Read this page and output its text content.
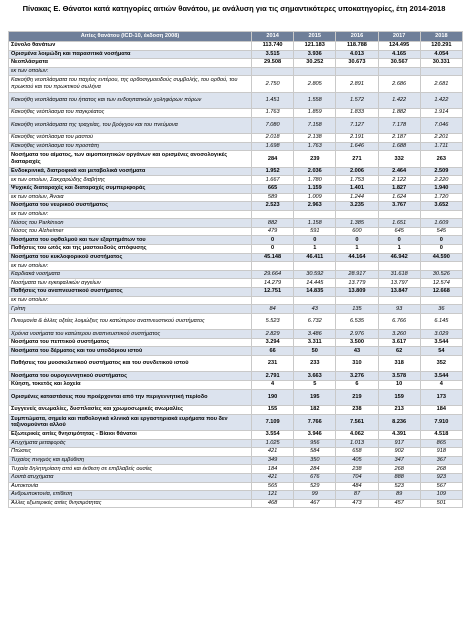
Πίνακας Ε. Θάνατοι κατά κατηγορίες αιτιών θανάτου, με ανάλυση για τις σημαντικότερες υποκατηγορίες, έτη 2014-2018
Αιτίες θανάτου (ICD-10, έκδοση 2008)	2014	2015	2016	2017	2018
Σύνολο θανάτων	113.740	121.183	118.788	124.495	120.291
Ορισμένα λοιμώδη και παρασιτικά νοσήματα	3.515	3.936	4.013	4.165	4.054
Νεοπλάσματα	29.508	30.252	30.673	30.567	30.331
εκ των οποίων:					
Κακοήθη νεοπλάσματα του παχέος εντέρου, της ορθοσιγμοειδούς συμβολής, του ορθού, του πρωκτού και του πρωκτικού σωλήνα	2.750	2.805	2.891	2.686	2.681
Κακοήθη νεοπλάσματα του ήπατος και των ενδοηπατικών χοληφόρων πόρων	1.451	1.558	1.572	1.422	1.422
Κακοήθες νεόπλασμα του παγκρέατος	1.763	1.859	1.833	1.882	1.914
Κακοήθη νεοπλάσματα της τραχείας, του βρόγχου και του πνεύμονα	7.080	7.158	7.127	7.178	7.046
Κακοήθες νεόπλασμα του μαστού	2.018	2.138	2.191	2.187	2.201
Κακοήθες νεόπλασμα του προστάτη	1.698	1.763	1.646	1.688	1.711
Νοσήματα του αίματος, των αιμοποιητικών οργάνων και ορισμένες ανοσολογικές διαταραχές	284	239	271	332	263
Ενδοκρινικά, διατροφικά και μεταβολικά νοσήματα	1.952	2.036	2.006	2.464	2.509
εκ των οποίων, Σακχαρώδης διαβήτης	1.667	1.780	1.753	2.122	2.220
Ψυχικές διαταραχές και διαταραχές συμπεριφοράς	665	1.159	1.401	1.827	1.940
εκ των οποίων, Άνοια	589	1.009	1.244	1.624	1.720
Νοσήματα του νευρικού συστήματος	2.523	2.963	3.235	3.767	3.652
εκ των οποίων:					
Νόσος του Parkinson	882	1.158	1.385	1.651	1.609
Νόσος του Alzheimer	479	591	600	645	545
Νοσήματα του οφθαλμού και των εξαρτημάτων του	0	0	0	0	0
Παθήσεις του ωτός και της μαστοειδούς απόφυσης	0	1	1	1	0
Νοσήματα του κυκλοφορικού συστήματος	45.148	46.411	44.164	46.942	44.590
εκ των οποίων:					
Καρδιακά νοσήματα	29.664	30.592	28.917	31.618	30.526
Νοσήματα των εγκεφαλικών αγγείων	14.279	14.445	13.779	13.797	12.574
Παθήσεις του αναπνευστικού συστήματος	12.751	14.835	13.809	13.847	12.668
εκ των οποίων:					
Γρίπη	84	43	135	93	36
Πνευμονία & άλλες οξείες λοιμώξεις του κατώτερου αναπνευστικού συστήματος	5.523	6.732	6.535	6.766	6.145
Χρόνια νοσήματα του κατώτερου αναπνευστικού συστήματος	2.829	3.486	2.976	3.260	3.029
Νοσήματα του πεπτικού συστήματος	3.294	3.311	3.500	3.617	3.544
Νοσήματα του δέρματος και του υποδόριου ιστού	66	50	43	62	54
Παθήσεις του μυοσκελετικού συστήματος και του συνδετικού ιστού	231	233	310	318	352
Νοσήματα του ουρογεννητικού συστήματος	2.791	3.663	3.276	3.578	3.544
Κύηση, τοκετός και λοχεία	4	5	6	10	4
Ορισμένες καταστάσεις που προέρχονται από την περιγεννητική περίοδο	190	195	219	159	173
Συγγενείς ανωμαλίες, δυσπλασίες και χρωμοσωμικές ανωμαλίες	155	182	238	213	184
Συμπτώματα, σημεία και παθολογικά κλινικά και εργαστηριακά ευρήματα που δεν ταξινομούνται αλλού	7.109	7.766	7.561	8.236	7.910
Εξωτερικές αιτίες θνησιμότητας - Βίαιοι θάνατοι	3.554	3.946	4.062	4.391	4.518
Ατυχήματα μεταφοράς	1.025	956	1.013	917	865
Πτώσεις	421	584	658	902	918
Τυχαίος πνιγμός και εμβύθιση	349	350	405	347	367
Τυχαία δηλητηρίαση από και έκθεση σε επιβλαβείς ουσίες	184	284	238	268	268
Λοιπά ατυχήματα	421	676	704	888	923
Αυτοκτονία	565	529	484	523	567
Ανθρωποκτονία, επίθεση	121	99	87	89	109
Άλλες εξωτερικές αιτίες θνησιμότητας	468	467	473	457	501
